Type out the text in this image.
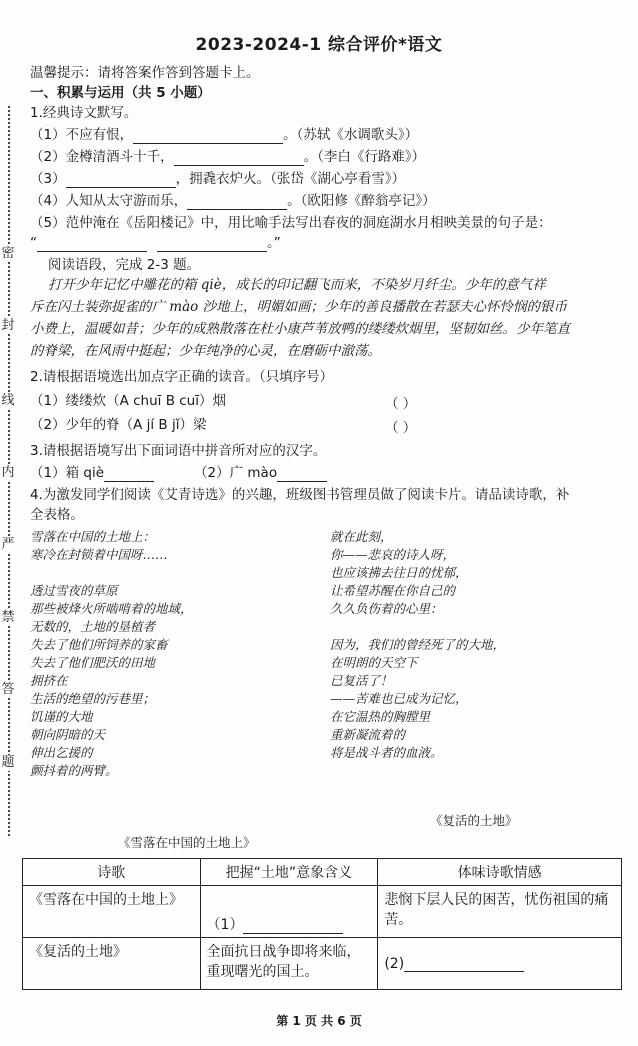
2023-2024-1 综合评价*语文
密
封
线
内
严
禁
答
题
温馨提示：请将答案作答到答题卡上。
一、积累与运用（共 5 小题）
1.经典诗文默写。
（1）不应有恨，	。（苏轼《水调歌头》）
（2）金樽清酒斗十千，	。（李白《行路难》）
（3）	，拥毳衣炉火。（张岱《湖心亭看雪》）
（4）人知从太守游而乐，	。（欧阳修《醉翁亭记》）
（5）范仲淹在《岳阳楼记》中，用比喻手法写出春夜的洞庭湖水月相映美景的句子是：
“	。”
阅读语段，完成 2-3 题。
打开少年记忆中雕花的箱 qiè，成长的印记翻飞而来，不染岁月纤尘。少年的意气祥
斥在闪土装弥捉雀的广 mào 沙地上，明媚如画；少年的善良播散在若瑟夫心怀怜悯的银币
小费上，温暖如昔；少年的成熟散落在杜小康芦苇放鸭的缕缕炊烟里，坚韧如丝。少年笔直
的脊梁，在风雨中挺起；少年纯净的心灵，在磨砺中澈荡。
2.请根据语境选出加点字正确的读音。（只填序号）
（1）缕缕炊（A chuī B cuī）烟	（ ）
（2）少年的脊（A jí B jǐ）梁	（ ）
3.请根据语境写出下面词语中拼音所对应的汉字。
（1）箱 qiè	（2）广 mào
4.为激发同学们阅读《艾青诗选》的兴趣，班级图书管理员做了阅读卡片。请品读诗歌，补
全表格。
雪落在中国的土地上：
寒冷在封锁着中国呀……
透过雪夜的草原
那些被烽火所啮啃着的地域，
无数的，土地的垦植者
失去了他们所饲养的家畜
失去了他们肥沃的田地
拥挤在
生活的绝望的污巷里；
饥谨的大地
朝向阴暗的天
伸出乞援的
颤抖着的两臂。
就在此刻，
你——悲哀的诗人呀，
也应该拂去往日的忧郁，
让希望苏醒在你自己的
久久负伤着的心里：
因为，我们的曾经死了的大地，
在明朗的天空下
已复活了！
——苦难也已成为记忆，
在它温热的胸膛里
重新凝流着的
将是战斗者的血液。
《复活的土地》
《雪落在中国的土地上》
诗歌	把握“土地”意象含义	体味诗歌情感
《雪落在中国的土地上》	（1）	悲悯下层人民的困苦，忧伤祖国的痛苦。
《复活的土地》	全面抗日战争即将来临，重现曙光的国土。	(2)
第 1 页 共 6 页
